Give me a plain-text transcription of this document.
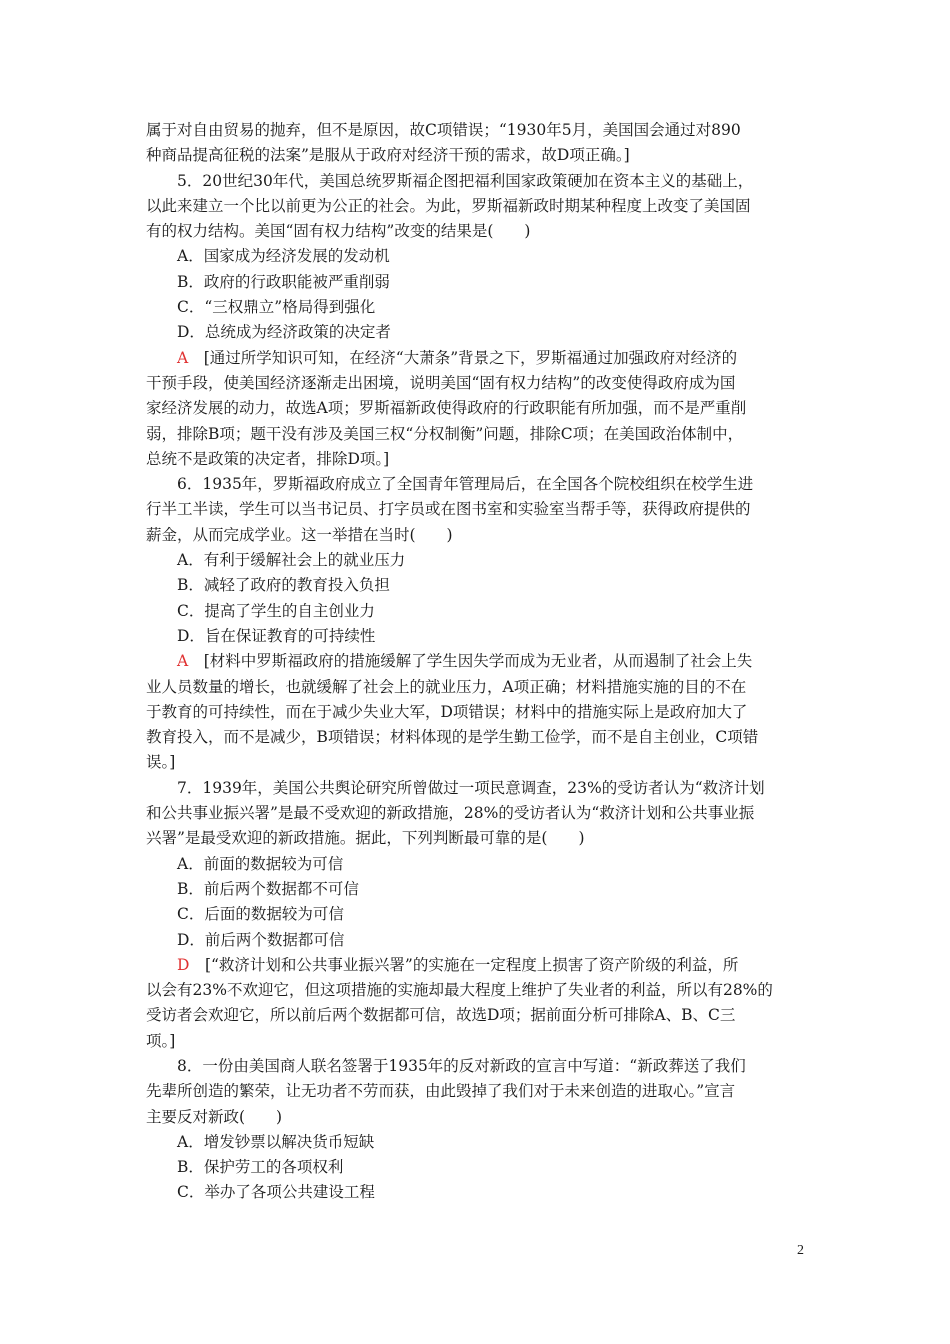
属于对自由贸易的抛弃，但不是原因，故C项错误；“1930年5月，美国国会通过对890
种商品提高征税的法案”是服从于政府对经济干预的需求，故D项正确。]
5．20世纪30年代，美国总统罗斯福企图把福利国家政策硬加在资本主义的基础上，
以此来建立一个比以前更为公正的社会。为此，罗斯福新政时期某种程度上改变了美国固
有的权力结构。美国“固有权力结构”改变的结果是(　　)
A．国家成为经济发展的发动机
B．政府的行政职能被严重削弱
C．“三权鼎立”格局得到强化
D．总统成为经济政策的决定者
A　 [通过所学知识可知，在经济“大萧条”背景之下，罗斯福通过加强政府对经济的
干预手段，使美国经济逐渐走出困境，说明美国“固有权力结构”的改变使得政府成为国
家经济发展的动力，故选A项；罗斯福新政使得政府的行政职能有所加强，而不是严重削
弱，排除B项；题干没有涉及美国三权“分权制衡”问题，排除C项；在美国政治体制中，
总统不是政策的决定者，排除D项。]
6．1935年，罗斯福政府成立了全国青年管理局后，在全国各个院校组织在校学生进
行半工半读，学生可以当书记员、打字员或在图书室和实验室当帮手等，获得政府提供的
薪金，从而完成学业。这一举措在当时(　　)
A．有利于缓解社会上的就业压力
B．减轻了政府的教育投入负担
C．提高了学生的自主创业力
D．旨在保证教育的可持续性
A　 [材料中罗斯福政府的措施缓解了学生因失学而成为无业者，从而遏制了社会上失
业人员数量的增长，也就缓解了社会上的就业压力，A项正确；材料措施实施的目的不在
于教育的可持续性，而在于减少失业大军，D项错误；材料中的措施实际上是政府加大了
教育投入，而不是减少，B项错误；材料体现的是学生勤工俭学，而不是自主创业，C项错
误。]
7．1939年，美国公共舆论研究所曾做过一项民意调查，23%的受访者认为“救济计划
和公共事业振兴署”是最不受欢迎的新政措施，28%的受访者认为“救济计划和公共事业振
兴署”是最受欢迎的新政措施。据此，下列判断最可靠的是(　　)
A．前面的数据较为可信
B．前后两个数据都不可信
C．后面的数据较为可信
D．前后两个数据都可信
D　 [“救济计划和公共事业振兴署”的实施在一定程度上损害了资产阶级的利益，所
以会有23%不欢迎它，但这项措施的实施却最大程度上维护了失业者的利益，所以有28%的
受访者会欢迎它，所以前后两个数据都可信，故选D项；据前面分析可排除A、B、C三
项。]
8．一份由美国商人联名签署于1935年的反对新政的宣言中写道：“新政葬送了我们
先辈所创造的繁荣，让无功者不劳而获，由此毁掉了我们对于未来创造的进取心。”宣言
主要反对新政(　　)
A．增发钞票以解决货币短缺
B．保护劳工的各项权利
C．举办了各项公共建设工程
2
